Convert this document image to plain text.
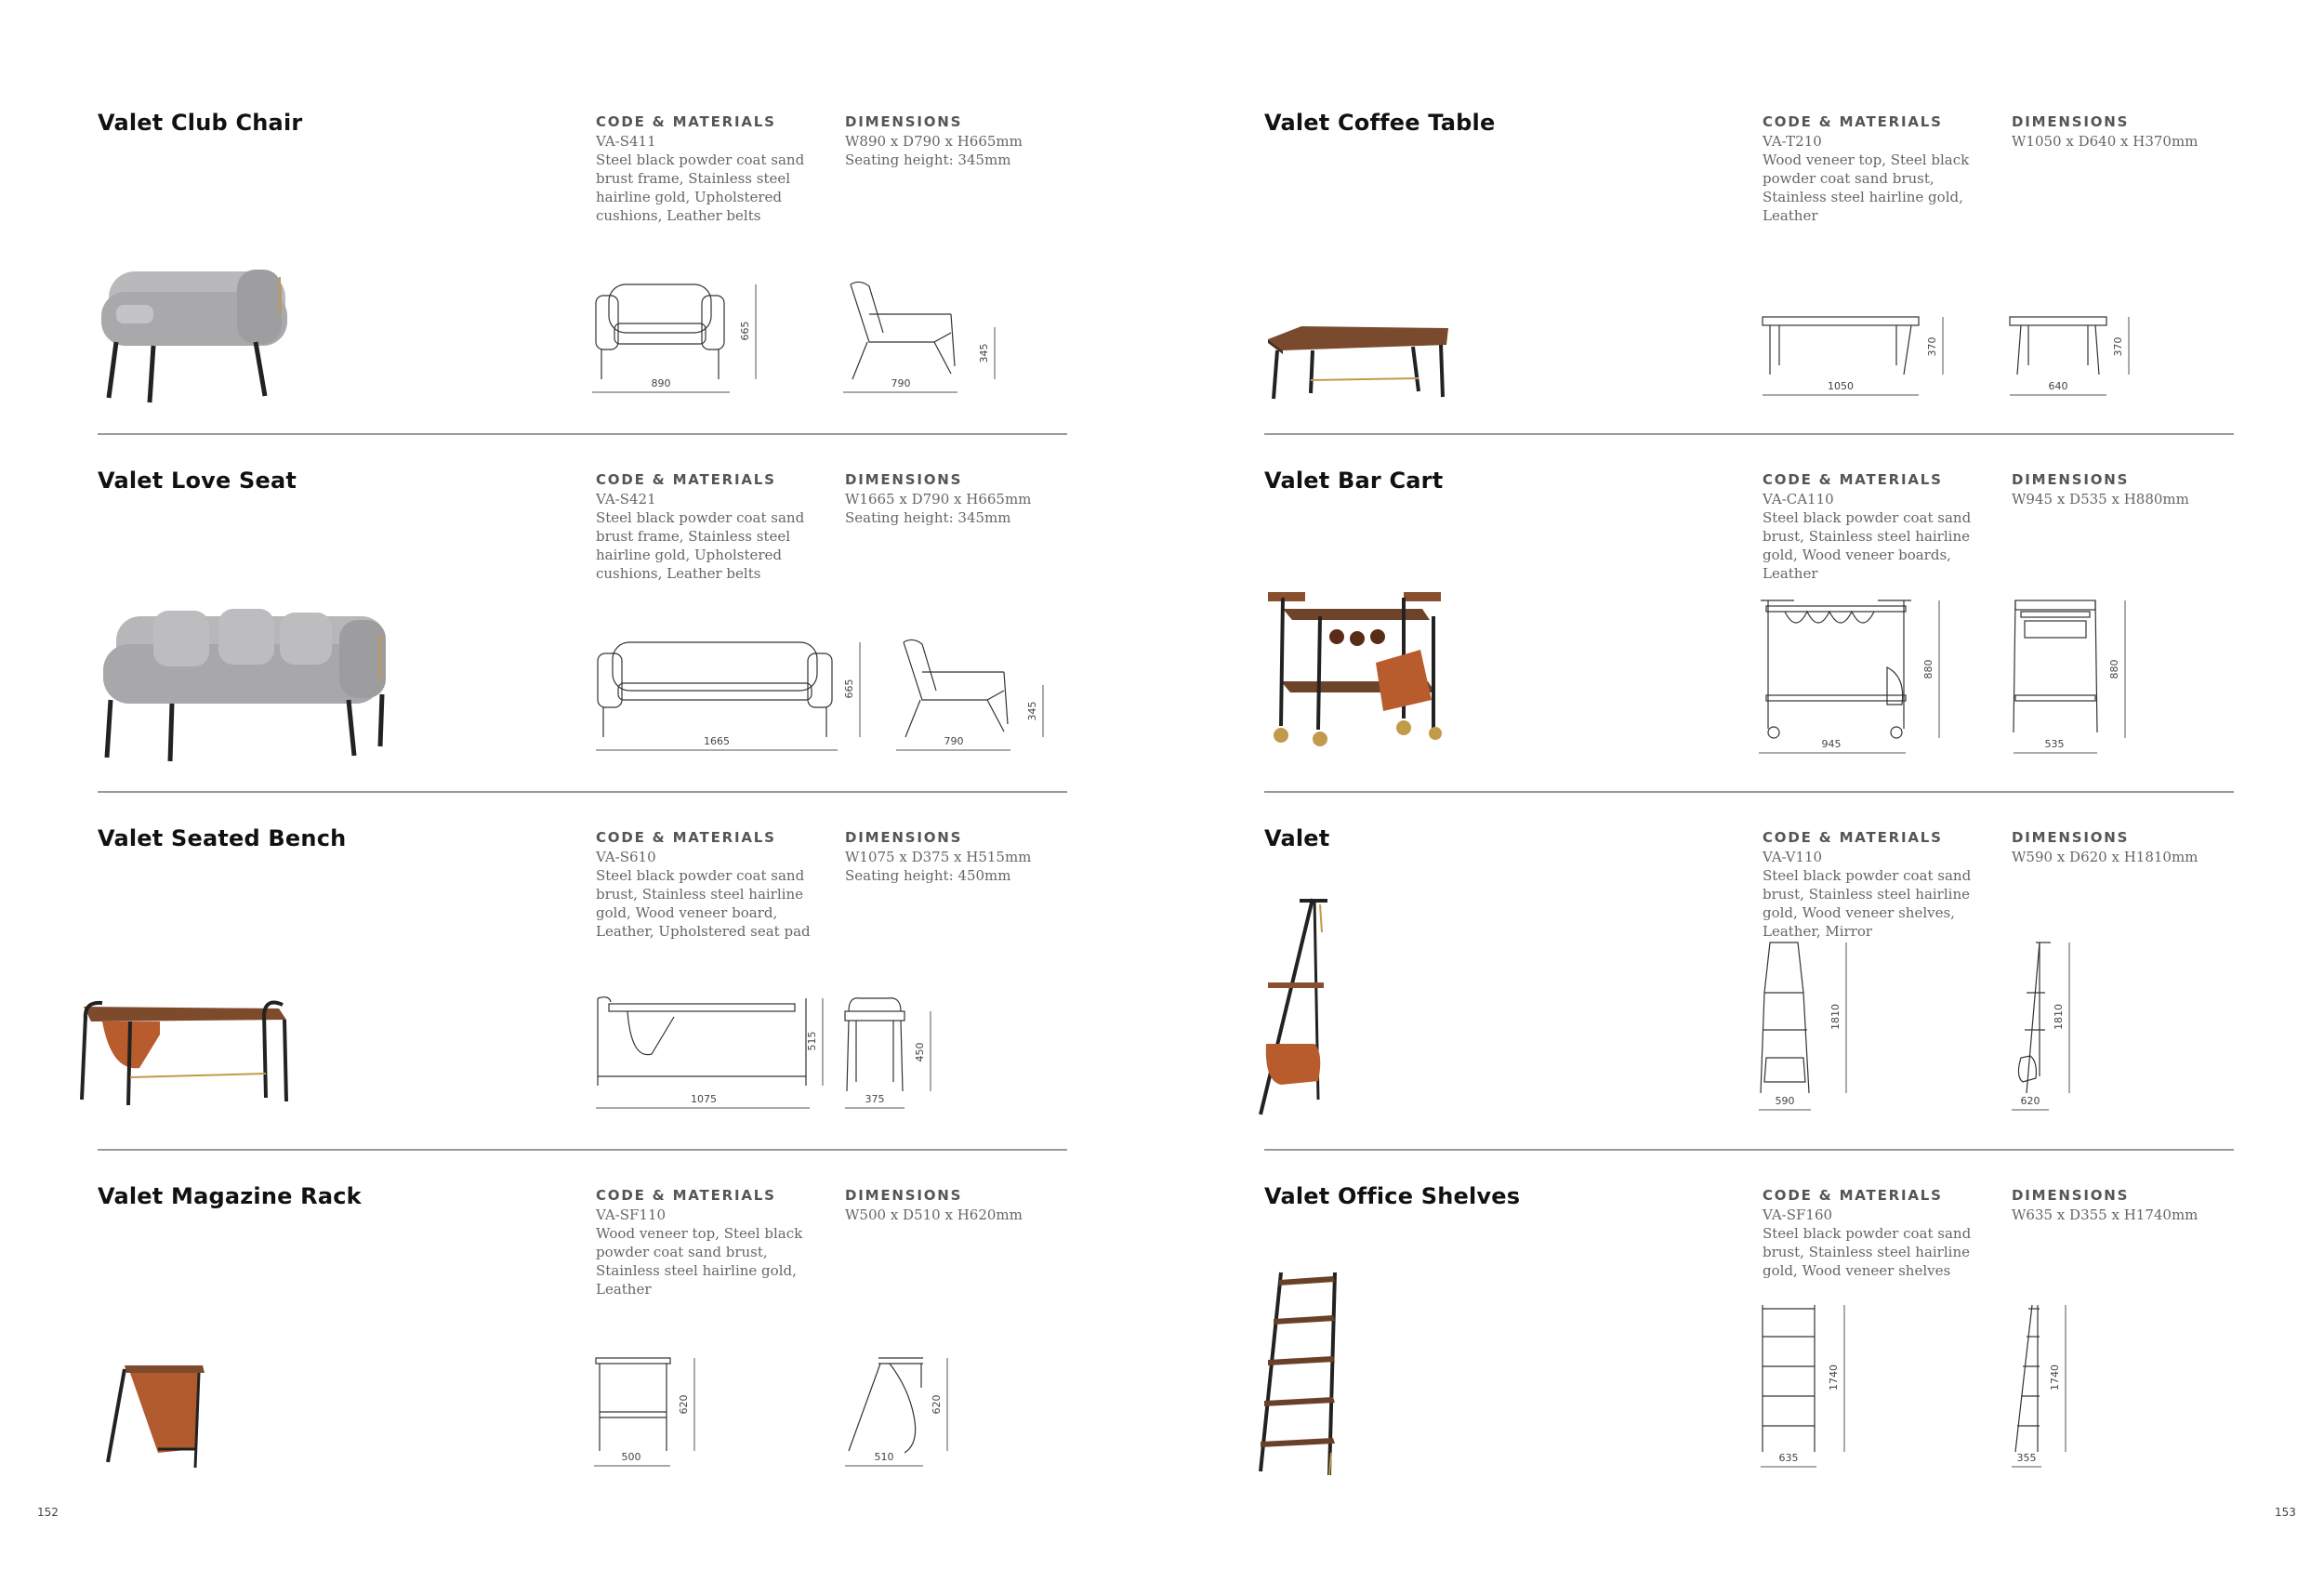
Valet Club Chair	CODE & MATERIALS
VA-S411
Steel black powder coat sand brust frame, Stainless steel hairline gold, Upholstered cushions, Leather belts
DIMENSIONS
W890 x D790 x H665mm
Seating height: 345mm
890
665
790
345
Valet Coffee Table	CODE & MATERIALS
VA-T210
Wood veneer top, Steel black powder coat sand brust, Stainless steel hairline gold, Leather
DIMENSIONS
W1050 x D640 x H370mm
1050
370
640
370
Valet Love Seat	CODE & MATERIALS
VA-S421
Steel black powder coat sand brust frame, Stainless steel hairline gold, Upholstered cushions, Leather belts
DIMENSIONS
W1665 x D790 x H665mm
Seating height: 345mm
1665
665
790
345
Valet Bar Cart	CODE & MATERIALS
VA-CA110
Steel black powder coat sand brust, Stainless steel hairline gold, Wood veneer boards, Leather
DIMENSIONS
W945 x D535 x H880mm
945
880
535
880
Valet Seated Bench	CODE & MATERIALS
VA-S610
Steel black powder coat sand brust, Stainless steel hairline gold, Wood veneer board, Leather, Upholstered seat pad
DIMENSIONS
W1075 x D375 x H515mm
Seating height: 450mm
1075
515
375
450
Valet	CODE & MATERIALS
VA-V110
Steel black powder coat sand brust, Stainless steel hairline gold, Wood veneer shelves, Leather, Mirror
DIMENSIONS
W590 x D620 x H1810mm
590
1810
620
1810
Valet Magazine Rack	CODE & MATERIALS
VA-SF110
Wood veneer top, Steel black powder coat sand brust, Stainless steel hairline gold, Leather
DIMENSIONS
W500 x D510 x H620mm
500
620
510
620
Valet Office Shelves	CODE & MATERIALS
VA-SF160
Steel black powder coat sand brust, Stainless steel hairline gold, Wood veneer shelves
DIMENSIONS
W635 x D355 x H1740mm
635
1740
355
1740
152	153
